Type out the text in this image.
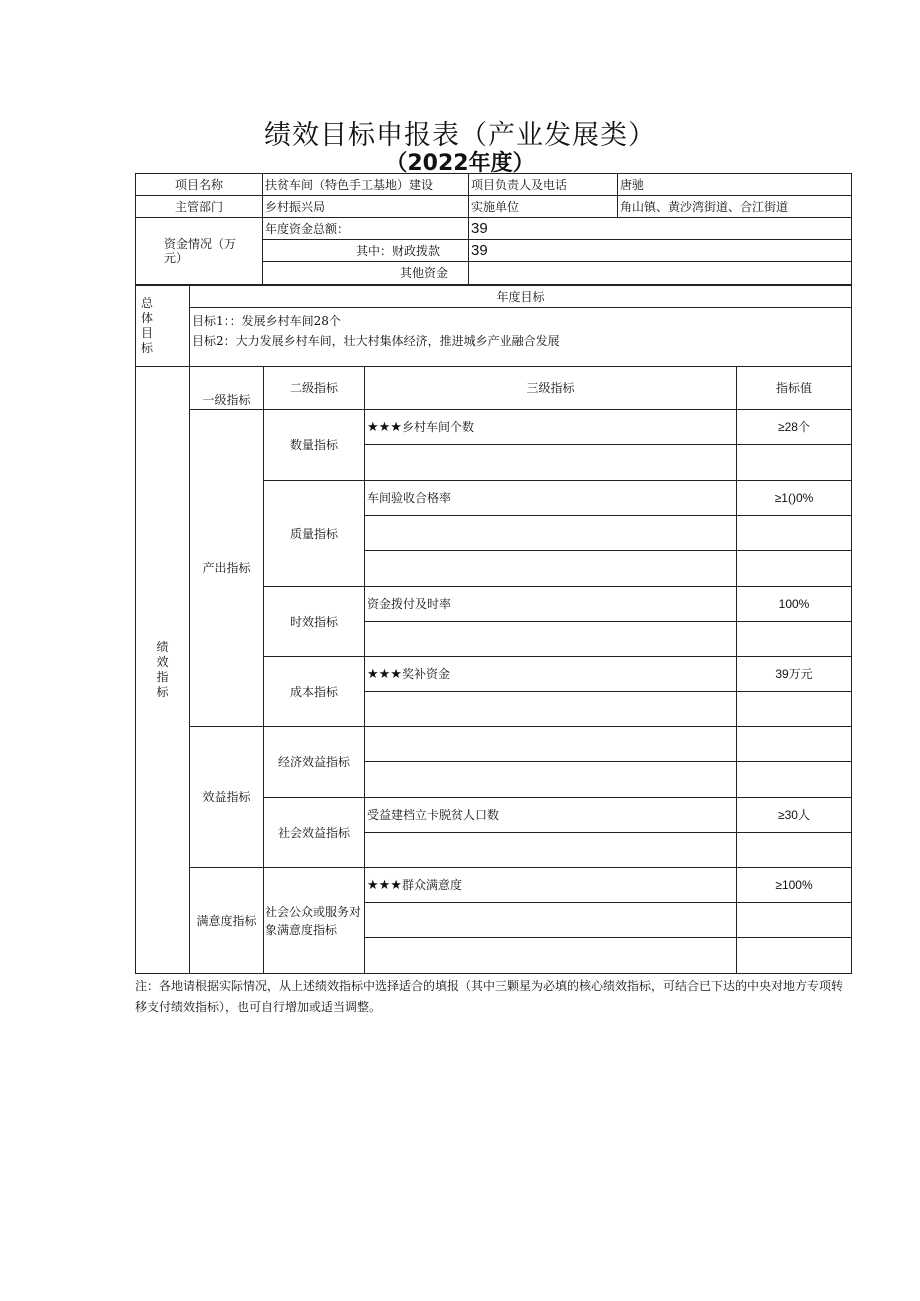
绩效目标申报表（产业发展类）
（2022年度）
项目名称	扶贫车间（特色手工基地）建设	项目负责人及电话	唐驰
主管部门	乡村振兴局	实施单位	角山镇、黄沙湾街道、合江街道
资金情况（万元）	年度资金总额：	39
	其中：财政拨款	39
	其他资金	
总
体
目
标
	年度目标

目标1：：发展乡村车间28个
目标2：大力发展乡村车间，壮大村集体经济，推进城乡产业融合发展
绩
效
指
标	一级指标	二级指标	三级指标	指标值
	产出指标	数量指标	★★★乡村车间个数	≥28个

		质量指标	车间验收合格率	≥1()0%

		时效指标	资金拨付及时率	100%

		成本指标	★★★奖补资金	39万元

	效益指标	经济效益指标		

		社会效益指标	受益建档立卡脱贫人口数	≥30人

	满意度指标	社会公众或服务对象满意度指标	★★★群众满意度	≥100%

注：各地请根据实际情况，从上述绩效指标中选择适合的填报（其中三颗星为必填的核心绩效指标，可结合已下达的中央对地方专项转移支付绩效指标），也可自行增加或适当调整。
